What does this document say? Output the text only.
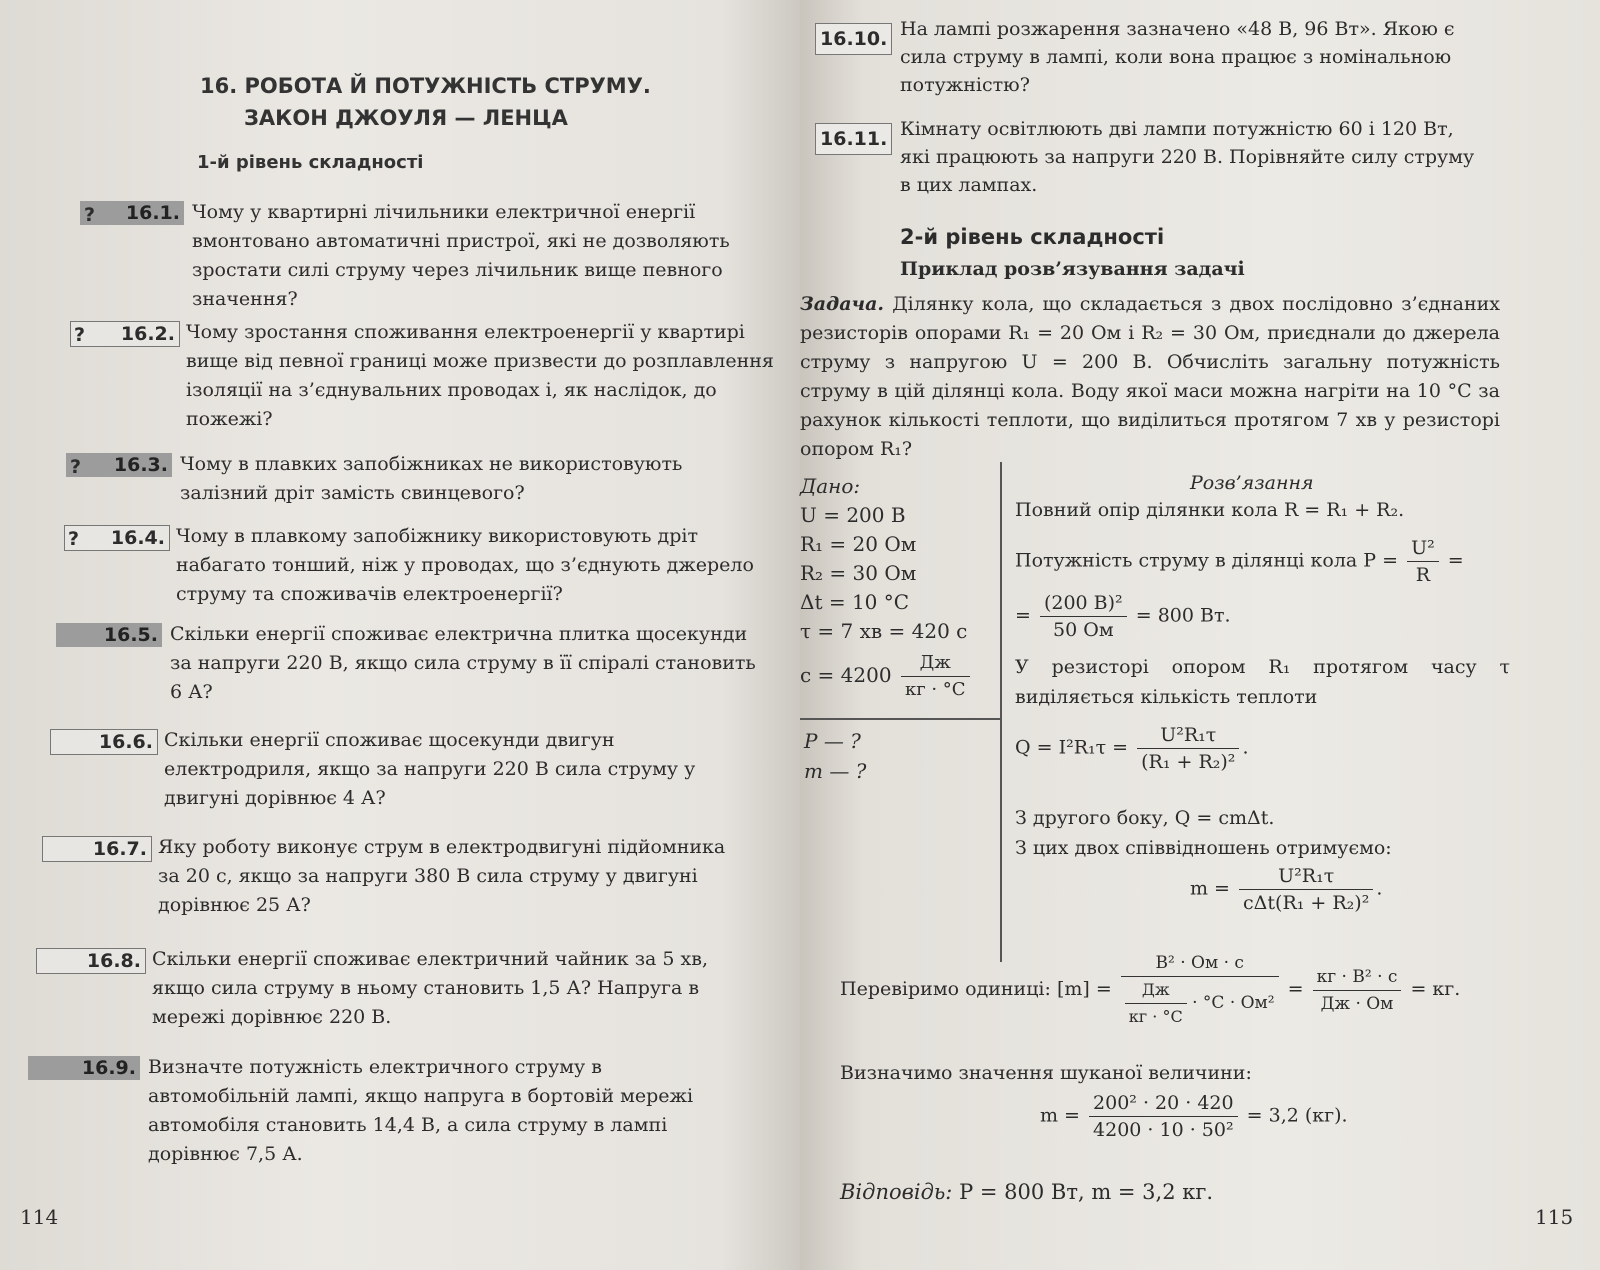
16. РОБОТА Й ПОТУЖНІСТЬ СТРУМУ.
ЗАКОН ДЖОУЛЯ — ЛЕНЦА
1-й рівень складності
16.1.
?	Чому у квартирні лічильники електричної енергії вмонтовано автоматичні пристрої, які не дозволяють зростати силі струму через лічильник вище певного значення?
16.2.
?	Чому зростання споживання електроенергії у квартирі вище від певної границі може призвести до розплавлення ізоляції на з’єднувальних проводах і, як наслідок, до пожежі?
16.3.
?	Чому в плавких запобіжниках не використовують залізний дріт замість свинцевого?
16.4.
?	Чому в плавкому запобіжнику використовують дріт набагато тонший, ніж у проводах, що з’єднують джерело струму та споживачів електроенергії?
16.5. Скільки енергії споживає електрична плитка щосекунди за напруги 220 В, якщо сила струму в її спіралі становить 6 А?
16.6. Скільки енергії споживає щосекунди двигун електродриля, якщо за напруги 220 В сила струму у двигуні дорівнює 4 А?
16.7. Яку роботу виконує струм в електродвигуні підйомника за 20 с, якщо за напруги 380 В сила струму у двигуні дорівнює 25 А?
16.8. Скільки енергії споживає електричний чайник за 5 хв, якщо сила струму в ньому становить 1,5 А? Напруга в мережі дорівнює 220 В.
16.9. Визначте потужність електричного струму в автомобільній лампі, якщо напруга в бортовій мережі автомобіля становить 14,4 В, а сила струму в лампі дорівнює 7,5 А.
114
16.10. На лампі розжарення зазначено «48 В, 96 Вт». Якою є сила струму в лампі, коли вона працює з номінальною потужністю?
16.11. Кімнату освітлюють дві лампи потужністю 60 і 120 Вт, які працюють за напруги 220 В. Порівняйте силу струму в цих лампах.
2-й рівень складності
Приклад розв’язування задачі
Задача. Ділянку кола, що складається з двох послідовно з’єднаних резисторів опорами R₁ = 20 Ом і R₂ = 30 Ом, приєднали до джерела струму з напругою U = 200 В. Обчисліть загальну потужність струму в цій ділянці кола. Воду якої маси можна нагріти на 10 °С за рахунок кількості теплоти, що виділиться протягом 7 хв у резисторі опором R₁?
Дано:
U = 200 В
R₁ = 20 Ом
R₂ = 30 Ом
Δt = 10 °С
τ = 7 хв = 420 с
$c = 4200 \frac{Дж}{кг \cdot ^\circ С}$
P — ?
m — ?
Розв’язання
Повний опір ділянки кола R = R₁ + R₂.
Потужність струму в ділянці кола $P = \frac{\text{U²}}{R}$ =
= $\frac{\text{(200 В)²}}{50 Ом} = 800$ Вт.
У резисторі опором R₁ протягом часу τ виділяється кількість теплоти
$Q = I^2R_1\tau = \frac{\text{U²R₁τ}}{\text{(R₁ + R₂)²}}$ .
З другого боку, Q = cmΔt.
З цих двох співвідношень отримуємо:
$m = \frac{\text{U²R₁τ}}{\text{cΔt(R₁ + R₂)²}}$ .
Перевіримо одиниці: $[m] = \frac{\text{В² · Ом · с}}{\frac{Дж}{кг \cdot ^\circ С} \cdot ^\circ С \cdot Ом^2} = \frac{\text{кг · В² · с}}{Дж \cdot Ом}$ = кг.
Визначимо значення шуканої величини:
$m = \frac{\text{200² · 20 · 420}}{\text{4200 · 10 · 50²}} = 3,2$ (кг).
Відповідь: P = 800 Вт, m = 3,2 кг.
115
